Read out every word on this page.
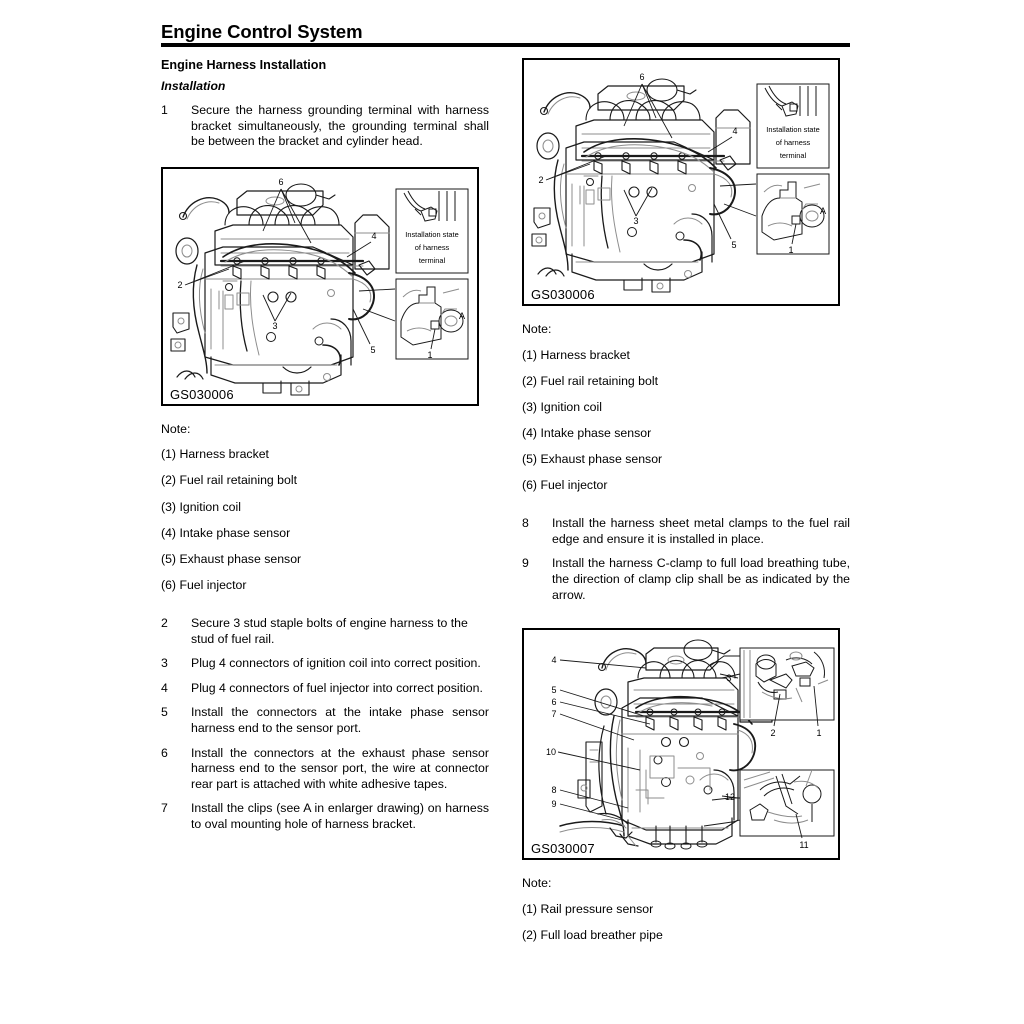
Engine Control System
Engine Harness Installation
Installation
1	Secure the harness grounding terminal with harness bracket simultaneously, the grounding terminal shall be between the bracket and cylinder head.
6
2
3
4
5
Installation state
of harness
terminal
1
A
GS030006
Note:
(1) Harness bracket
(2) Fuel rail retaining bolt
(3) Ignition coil
(4) Intake phase sensor
(5) Exhaust phase sensor
(6) Fuel injector
2	Secure 3 stud staple bolts of engine harness to the stud of fuel rail.
3	Plug 4 connectors of ignition coil into correct position.
4	Plug 4 connectors of fuel injector into correct position.
5	Install the connectors at the intake phase sensor harness end to the sensor port.
6	Install the connectors at the exhaust phase sensor harness end to the sensor port, the wire at connector rear part is attached with white adhesive tapes.
7	Install the clips (see A in enlarger drawing) on harness to oval mounting hole of harness bracket.
6
2
3
4
5
Installation state
of harness
terminal
1
A
GS030006
Note:
(1) Harness bracket
(2) Fuel rail retaining bolt
(3) Ignition coil
(4) Intake phase sensor
(5) Exhaust phase sensor
(6) Fuel injector
8	Install the harness sheet metal clamps to the fuel rail edge and ensure it is installed in place.
9	Install the harness C-clamp to full load breathing tube, the direction of clamp clip shall be as indicated by the arrow.
4
5
6
7
10
8
9
2	1
3
11
12
GS030007
Note:
(1) Rail pressure sensor
(2) Full load breather pipe
